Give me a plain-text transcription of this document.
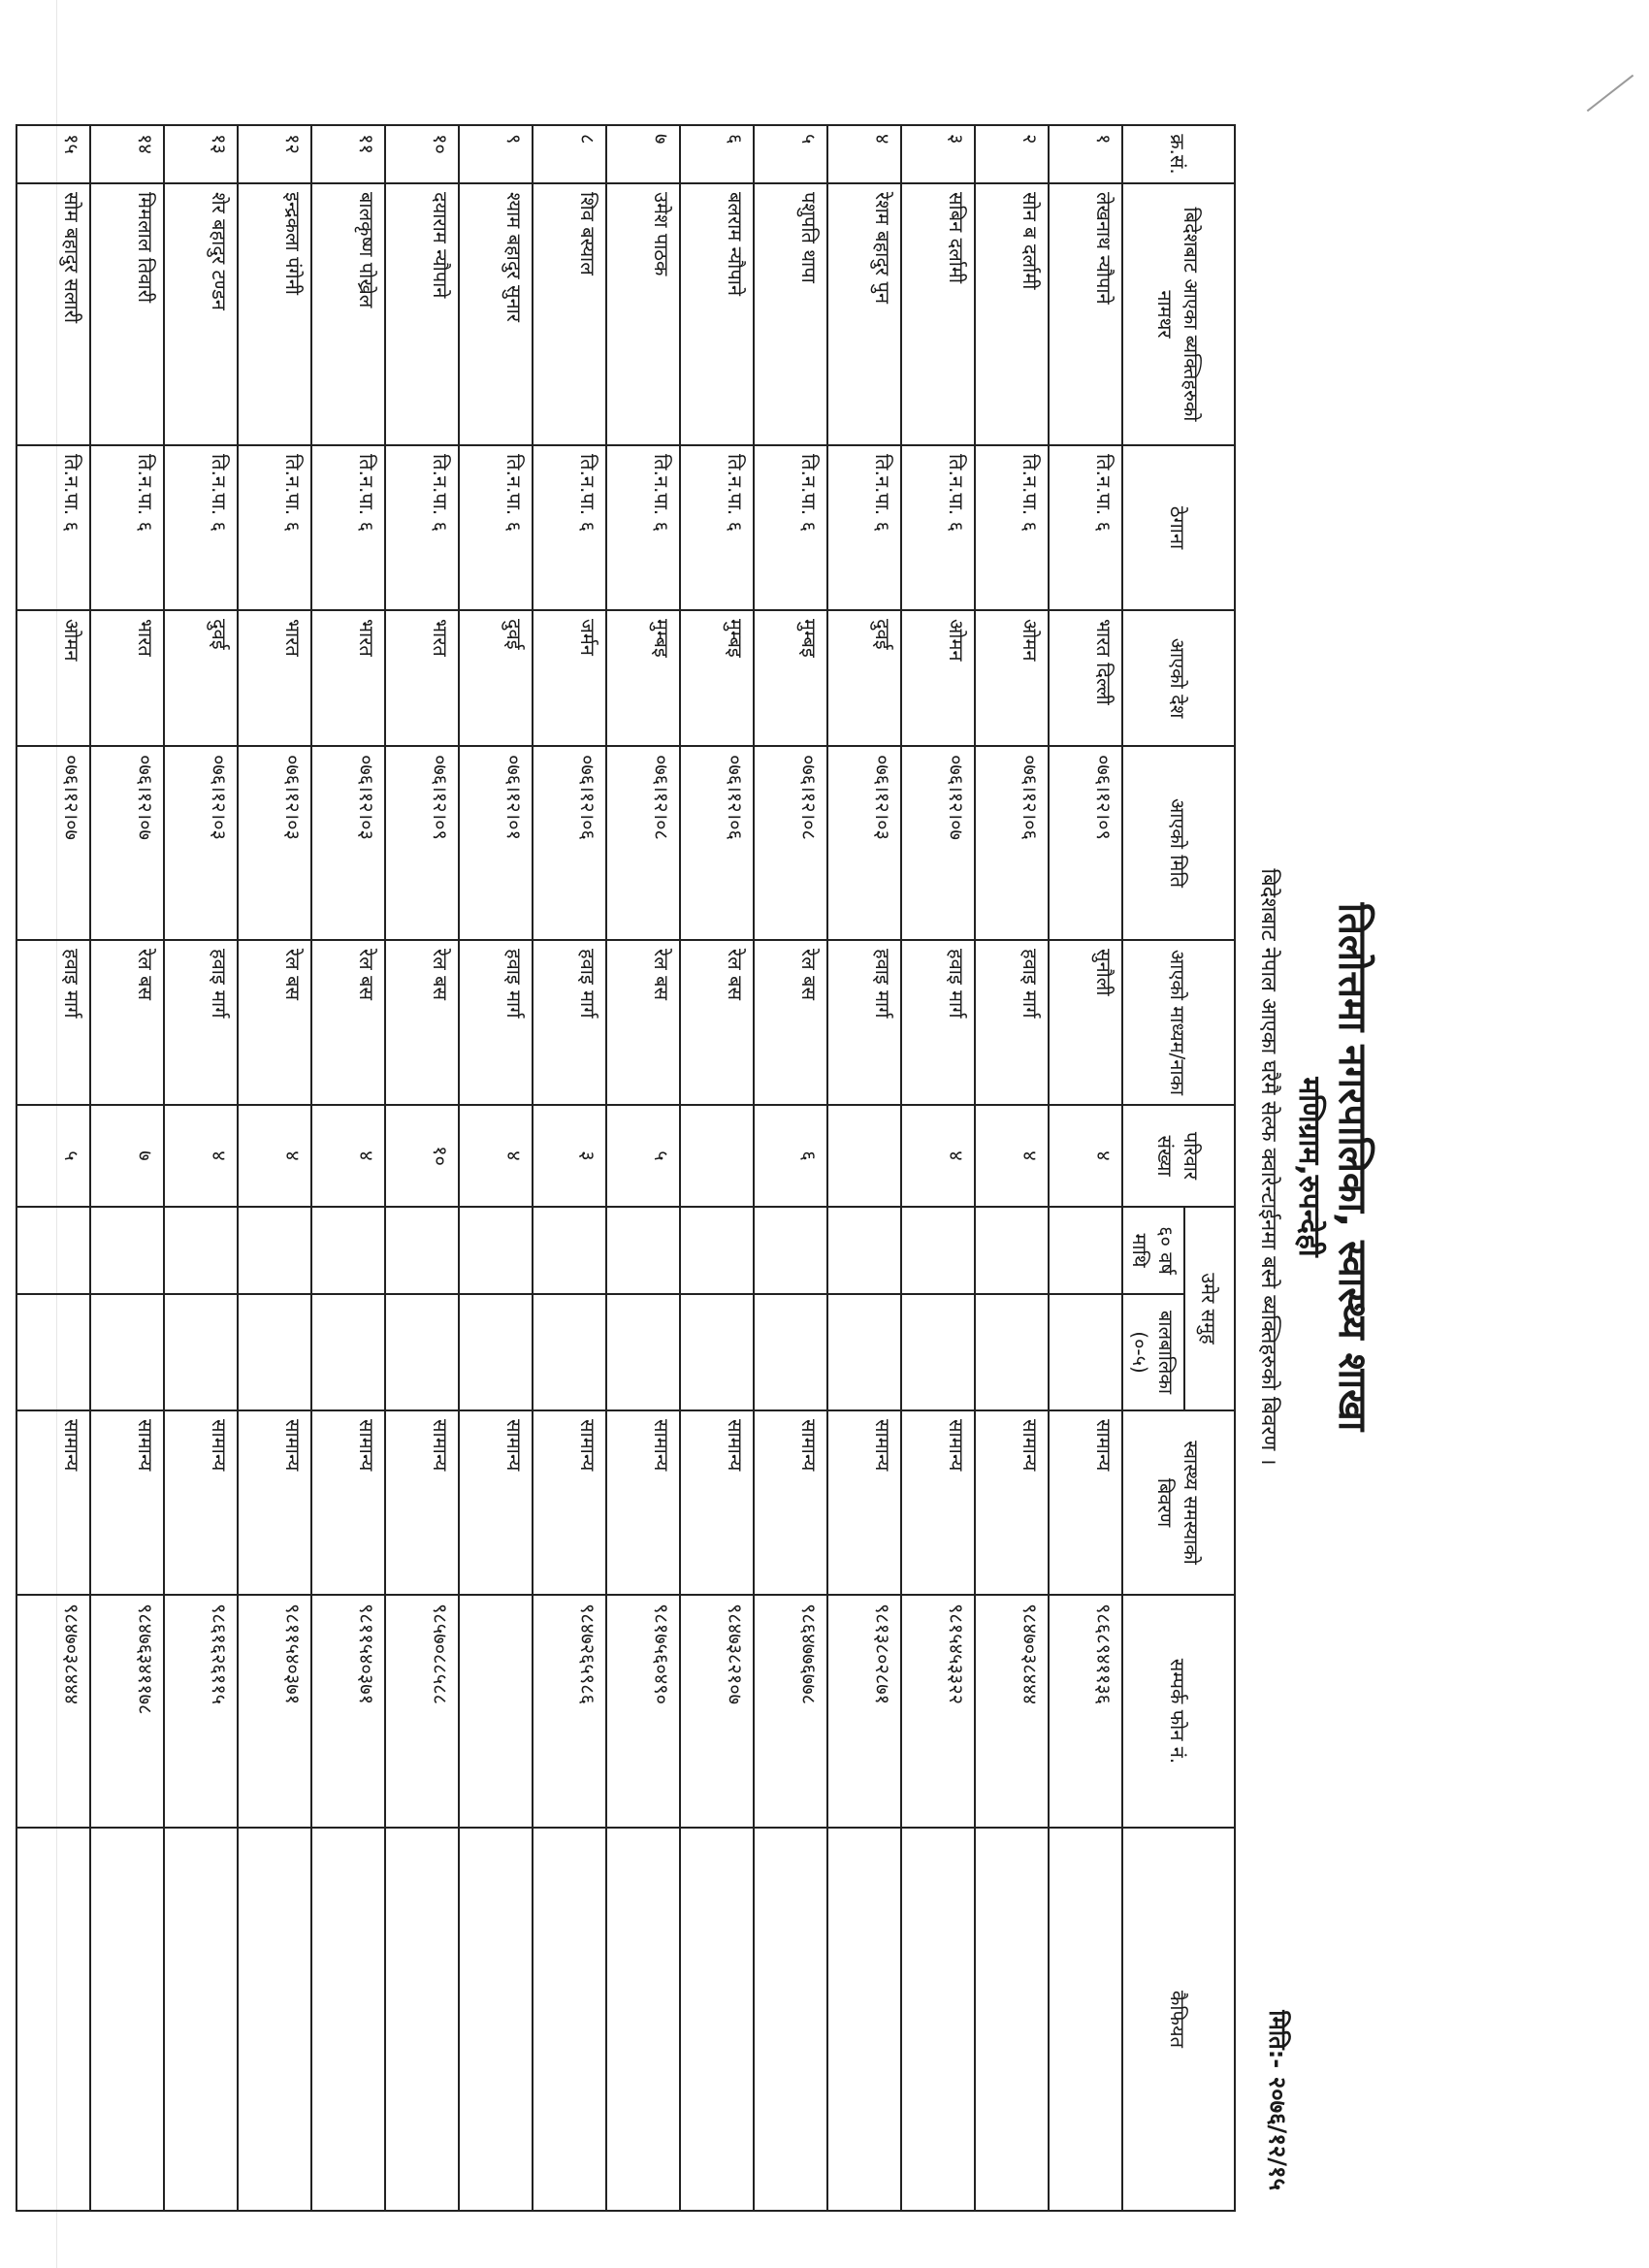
तिलोत्तमा नगरपालिका, स्वास्थ्य शाखा
मणिग्राम,रुपन्देही
बिदेशबाट नेपाल आएका घरैमै सेल्फ क्वारेन्टाईनमा बस्ने ब्यक्तिहरुको बिवरण ।
मिति:- २०७६/१२/१५
क्र.सं.	बिदेशबाट आएका ब्यक्तिहरुको नामथर	ठेगाना	आएको देश	आएको मिति	आएको माध्यम/नाका	परिवार संख्या	उमेर समुह		स्वास्थ्य समस्याको बिवरण	सम्पर्क फोन नं.	कैफियत
							६० वर्ष माथि	बालबालिका (०-५)			
१	लेखनाथ न्यौपाने	ति.न.पा. ६	भारत दिल्ली	०७६।१२।०९	सुनौली	४			सामान्य	९८६८९४११३६	
२	सोन ब दर्लामी	ति.न.पा. ६	ओमन	०७६।१२।०६	हवाइ मार्ग	४			सामान्य	९८४७०३८४४४	
३	सबिन दर्लामी	ति.न.पा. ६	ओमन	०७६।१२।०७	हवाइ मार्ग	४			सामान्य	९८१५४५३३२२	
४	रेशम बहादुर पुन	ति.न.पा. ६	दुवई	०७६।१२।०३	हवाइ मार्ग				सामान्य	९८१३८०२८७१	
५	पशुपति थापा	ति.न.पा. ६	मुम्बइ	०७६।१२।०८	रेल बस	६			सामान्य	९८६४७७६७७८	
६	बलराम न्यौपाने	ति.न.पा. ६	मुम्बइ	०७६।१२।०६	रेल बस				सामान्य	९८४७३८२१०७	
७	उमेश पाठक	ति.न.पा. ६	मुम्बइ	०७६।१२।०८	रेल बस	५			सामान्य	९८१७५६०४९०	
८	शिव बस्याल	ति.न.पा. ६	जर्मन	०७६।१२।०६	हवाइ मार्ग	३			सामान्य	९८४७२६५९८६	
९	श्याम बहादुर सुनार	ति.न.पा. ६	दुवई	०७६।१२।०१	हवाइ मार्ग	४			सामान्य		
१०	दयाराम न्यौपाने	ति.न.पा. ६	भारत	०७६।१२।०९	रेल बस	१०			सामान्य	९८५७०८८५८८	
११	बालकृष्ण पोख्रेल	ति.न.पा. ६	भारत	०७६।१२।०३	रेल बस	४			सामान्य	९८११५४०३७१	
१२	इन्द्रकला पंगेनी	ति.न.पा. ६	भारत	०७६।१२।०३	रेल बस	४			सामान्य	९८११५४०३७१	
१३	शेर बहादुर टण्डन	ति.न.पा. ६	दुवई	०७६।१२।०३	हवाइ मार्ग	४			सामान्य	९८६१६२६११५	
१४	मिमलाल तिवारी	ति.न.पा. ६	भारत	०७६।१२।०७	रेल बस	७			सामान्य	९८४७६३४११७८	
१५	सोम बहादुर सलारी	ति.न.पा. ६	ओमन	०७६।१२।०७	हवाइ मार्ग	५			सामान्य	९८४७०३८४४४	
